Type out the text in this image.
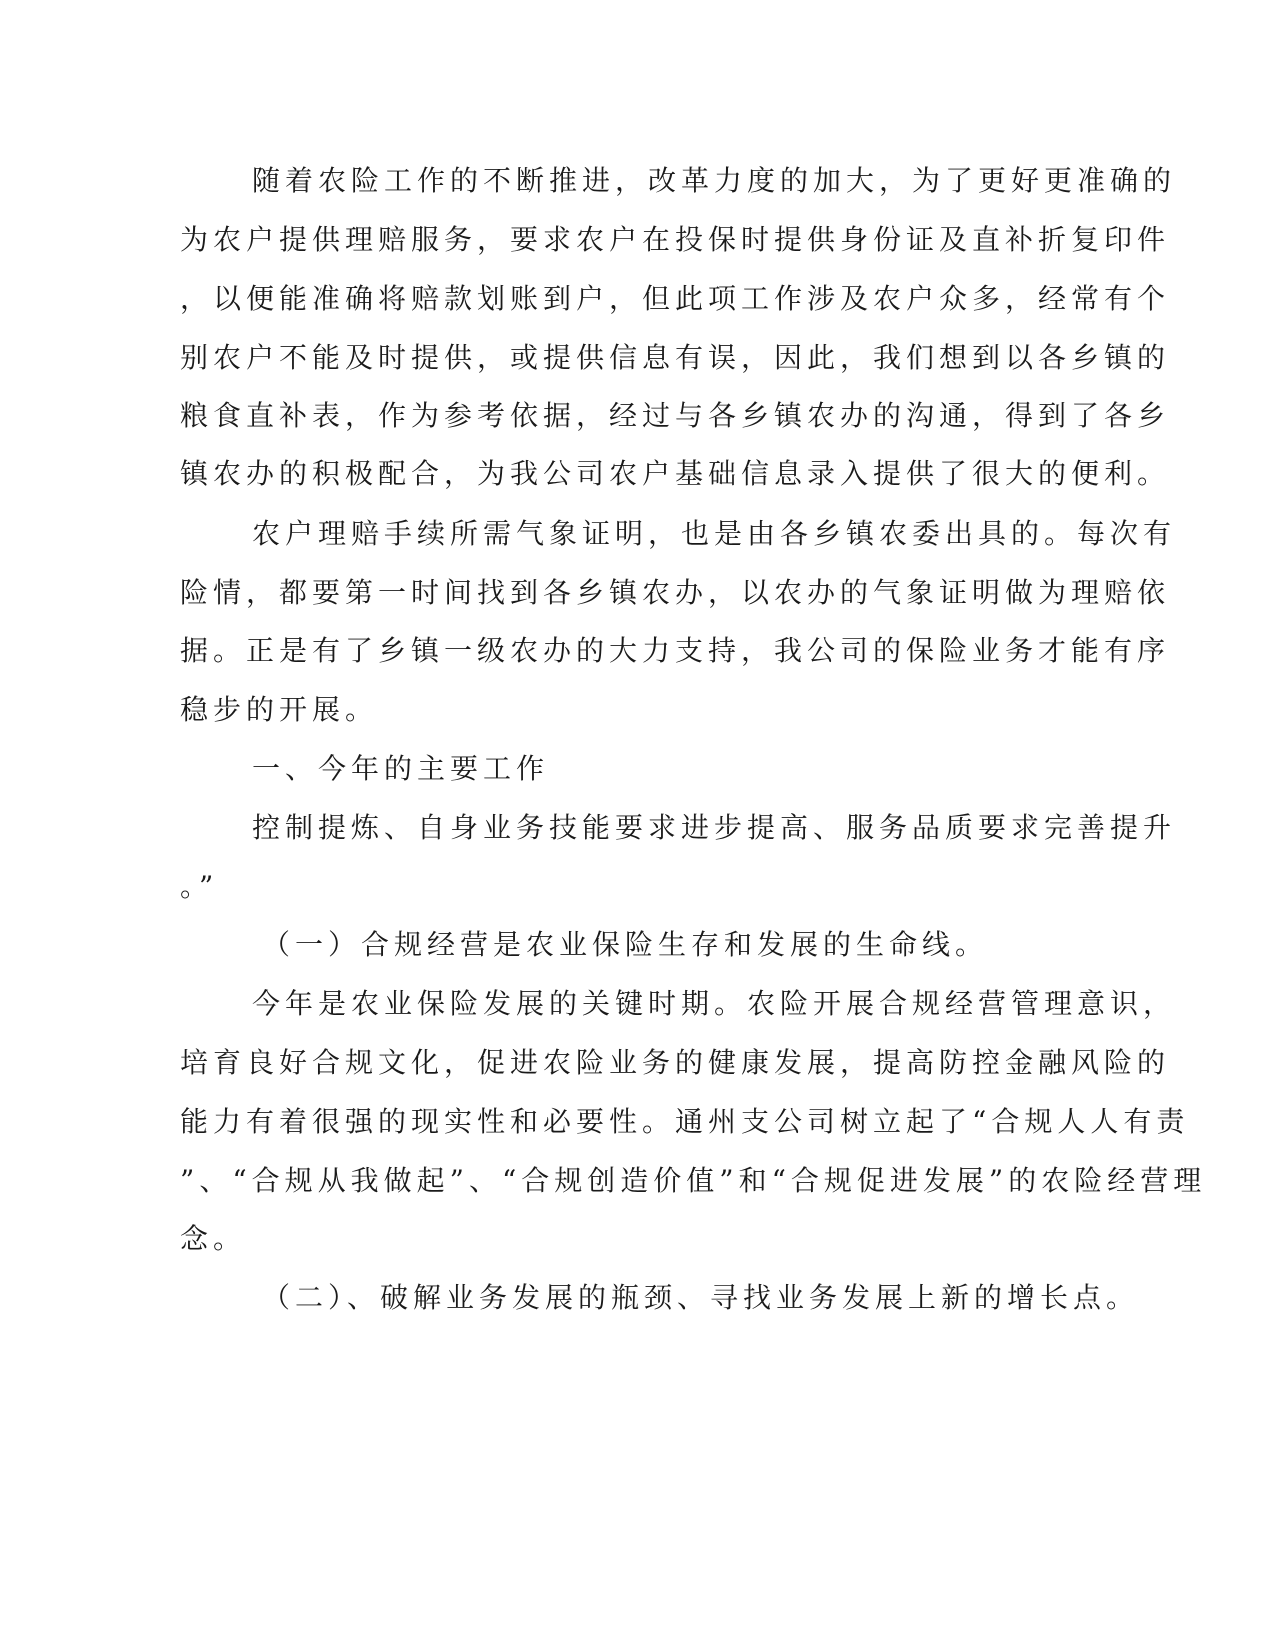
随着农险工作的不断推进，改革力度的加大，为了更好更准确的
为农户提供理赔服务，要求农户在投保时提供身份证及直补折复印件
，以便能准确将赔款划账到户，但此项工作涉及农户众多，经常有个
别农户不能及时提供，或提供信息有误，因此，我们想到以各乡镇的
粮食直补表，作为参考依据，经过与各乡镇农办的沟通，得到了各乡
镇农办的积极配合，为我公司农户基础信息录入提供了很大的便利。
农户理赔手续所需气象证明，也是由各乡镇农委出具的。每次有
险情，都要第一时间找到各乡镇农办，以农办的气象证明做为理赔依
据。正是有了乡镇一级农办的大力支持，我公司的保险业务才能有序
稳步的开展。
一、今年的主要工作
控制提炼、自身业务技能要求进步提高、服务品质要求完善提升
。”
（一）合规经营是农业保险生存和发展的生命线。
今年是农业保险发展的关键时期。农险开展合规经营管理意识，
培育良好合规文化，促进农险业务的健康发展，提高防控金融风险的
能力有着很强的现实性和必要性。通州支公司树立起了“合规人人有责
”、“合规从我做起”、“合规创造价值”和“合规促进发展”的农险经营理
念。
（二）、破解业务发展的瓶颈、寻找业务发展上新的增长点。
